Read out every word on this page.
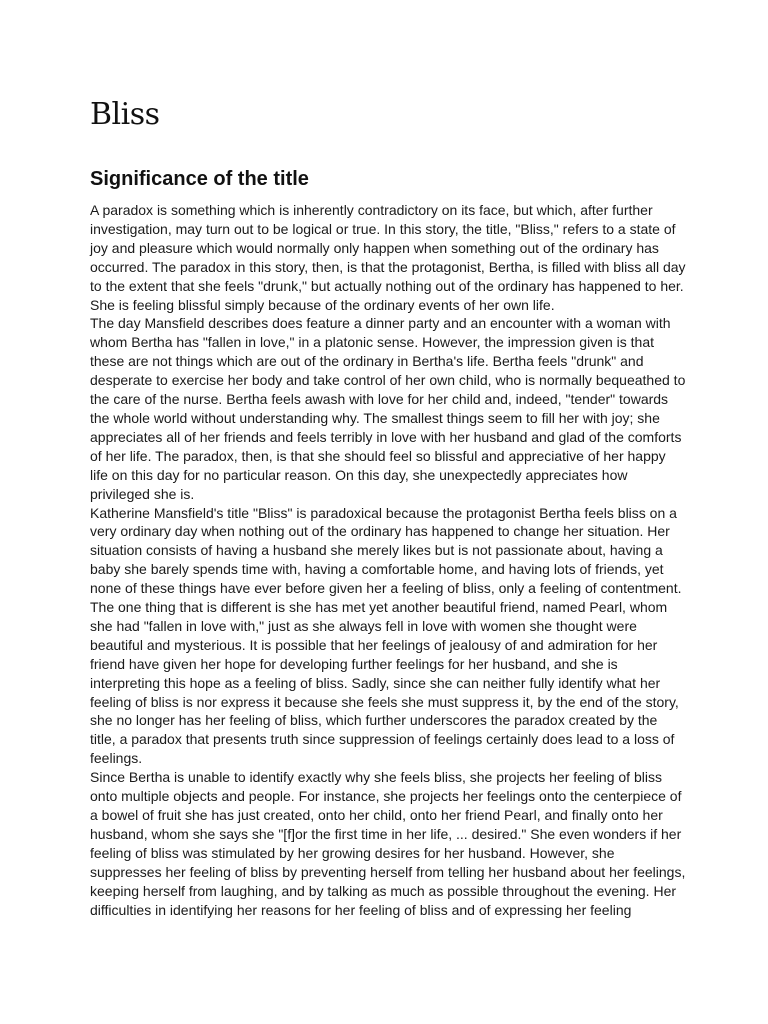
Bliss
Significance of the title
A paradox is something which is inherently contradictory on its face, but which, after further
investigation, may turn out to be logical or true. In this story, the title, "Bliss," refers to a state of
joy and pleasure which would normally only happen when something out of the ordinary has
occurred. The paradox in this story, then, is that the protagonist, Bertha, is filled with bliss all day
to the extent that she feels "drunk," but actually nothing out of the ordinary has happened to her.
She is feeling blissful simply because of the ordinary events of her own life.
The day Mansfield describes does feature a dinner party and an encounter with a woman with
whom Bertha has "fallen in love," in a platonic sense. However, the impression given is that
these are not things which are out of the ordinary in Bertha's life. Bertha feels "drunk" and
desperate to exercise her body and take control of her own child, who is normally bequeathed to
the care of the nurse. Bertha feels awash with love for her child and, indeed, "tender" towards
the whole world without understanding why. The smallest things seem to fill her with joy; she
appreciates all of her friends and feels terribly in love with her husband and glad of the comforts
of her life. The paradox, then, is that she should feel so blissful and appreciative of her happy
life on this day for no particular reason. On this day, she unexpectedly appreciates how
privileged she is.
Katherine Mansfield's title "Bliss" is paradoxical because the protagonist Bertha feels bliss on a
very ordinary day when nothing out of the ordinary has happened to change her situation. Her
situation consists of having a husband she merely likes but is not passionate about, having a
baby she barely spends time with, having a comfortable home, and having lots of friends, yet
none of these things have ever before given her a feeling of bliss, only a feeling of contentment.
The one thing that is different is she has met yet another beautiful friend, named Pearl, whom
she had "fallen in love with," just as she always fell in love with women she thought were
beautiful and mysterious. It is possible that her feelings of jealousy of and admiration for her
friend have given her hope for developing further feelings for her husband, and she is
interpreting this hope as a feeling of bliss. Sadly, since she can neither fully identify what her
feeling of bliss is nor express it because she feels she must suppress it, by the end of the story,
she no longer has her feeling of bliss, which further underscores the paradox created by the
title, a paradox that presents truth since suppression of feelings certainly does lead to a loss of
feelings.
Since Bertha is unable to identify exactly why she feels bliss, she projects her feeling of bliss
onto multiple objects and people. For instance, she projects her feelings onto the centerpiece of
a bowel of fruit she has just created, onto her child, onto her friend Pearl, and finally onto her
husband, whom she says she "[f]or the first time in her life, ... desired." She even wonders if her
feeling of bliss was stimulated by her growing desires for her husband. However, she
suppresses her feeling of bliss by preventing herself from telling her husband about her feelings,
keeping herself from laughing, and by talking as much as possible throughout the evening. Her
difficulties in identifying her reasons for her feeling of bliss and of expressing her feeling
